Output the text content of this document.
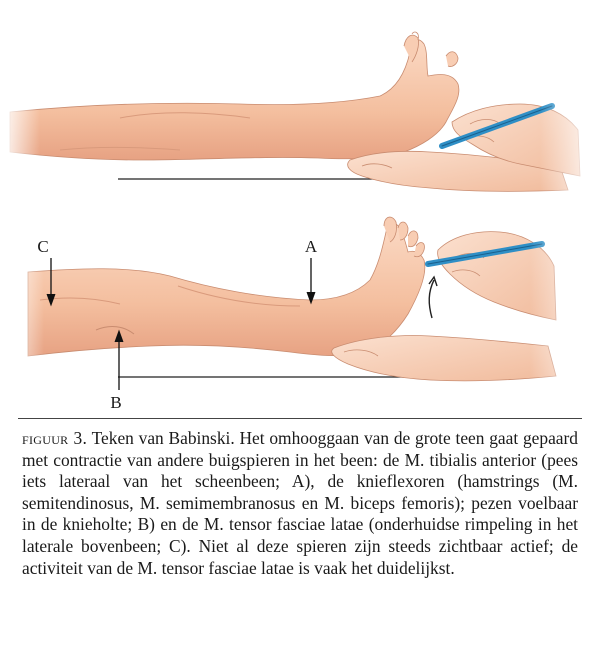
C	A
B
figuur 3. Teken van Babinski. Het omhooggaan van de grote teen gaat gepaard met contractie van andere buigspieren in het been: de M. tibialis anterior (pees iets lateraal van het scheenbeen; A), de knieflexoren (hamstrings (M. semitendinosus, M. semimembranosus en M. biceps femoris); pezen voelbaar in de knieholte; B) en de M. tensor fasciae latae (onderhuidse rimpeling in het laterale bovenbeen; C). Niet al deze spieren zijn steeds zichtbaar actief; de activiteit van de M. tensor fasciae latae is vaak het duidelijkst.
